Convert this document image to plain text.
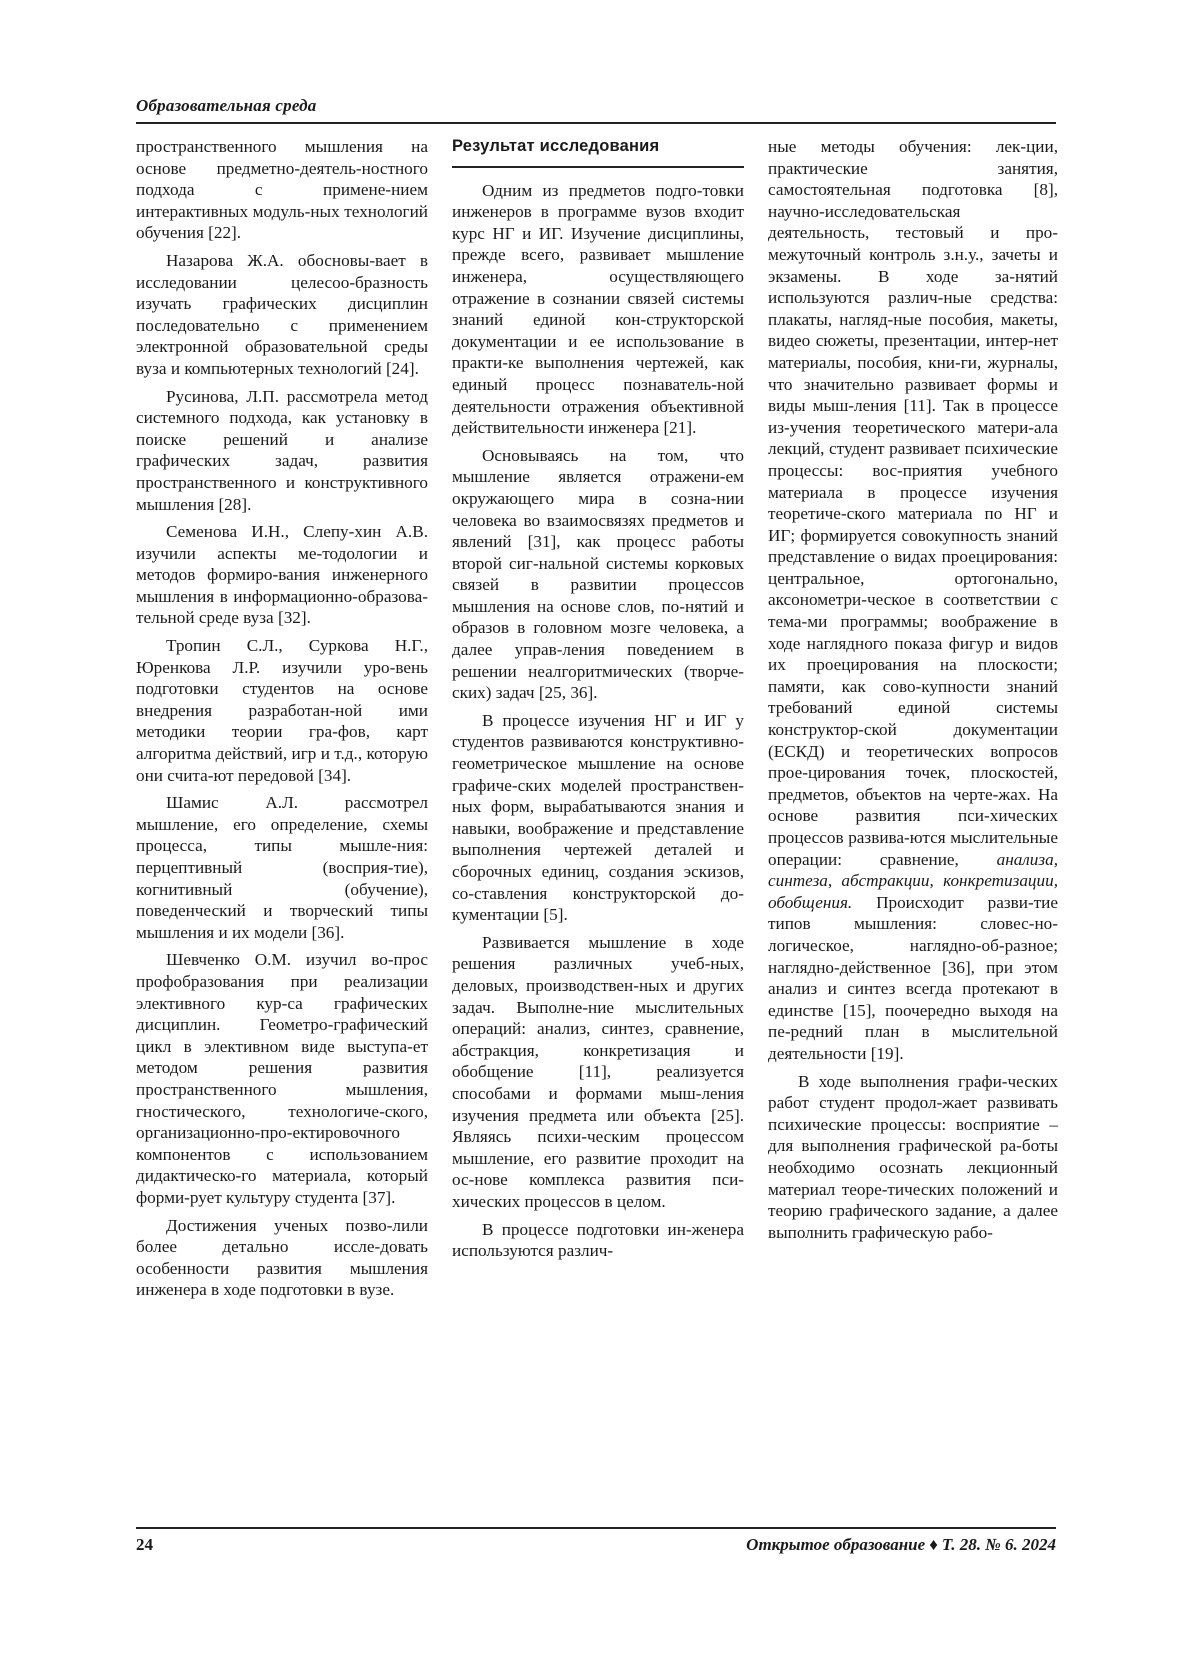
Образовательная среда

пространственного мышления на основе предметно-деятель-ностного подхода с примене-нием интерактивных модуль-ных технологий обучения [22].

Назарова Ж.А. обосновы-вает в исследовании целесоо-бразность изучать графических дисциплин последовательно с применением электронной образовательной среды вуза и компьютерных технологий [24].

Русинова, Л.П. рассмотрела метод системного подхода, как установку в поиске решений и анализе графических задач, развития пространственного и конструктивного мышления [28].

Семенова И.Н., Слепу-хин А.В. изучили аспекты ме-тодологии и методов формиро-вания инженерного мышления в информационно-образова-тельной среде вуза [32].

Тропин С.Л., Суркова Н.Г., Юренкова Л.Р. изучили уро-вень подготовки студентов на основе внедрения разработан-ной ими методики теории гра-фов, карт алгоритма действий, игр и т.д., которую они счита-ют передовой [34].

Шамис А.Л. рассмотрел мышление, его определение, схемы процесса, типы мышле-ния: перцептивный (восприя-тие), когнитивный (обучение), поведенческий и творческий типы мышления и их модели [36].

Шевченко О.М. изучил во-прос профобразования при реализации элективного кур-са графических дисциплин. Геометро-графический цикл в элективном виде выступа-ет методом решения развития пространственного мышления, гностического, технологиче-ского, организационно-про-ектировочного компонентов с использованием дидактическо-го материала, который форми-рует культуру студента [37].

Достижения ученых позво-лили более детально иссле-довать особенности развития мышления инженера в ходе подготовки в вузе.

Результат исследования

Одним из предметов подго-товки инженеров в программе вузов входит курс НГ и ИГ. Изучение дисциплины, прежде всего, развивает мышление инженера, осуществляющего отражение в сознании связей системы знаний единой кон-структорской документации и ее использование в практи-ке выполнения чертежей, как единый процесс познаватель-ной деятельности отражения объективной действительности инженера [21].

Основываясь на том, что мышление является отражени-ем окружающего мира в созна-нии человека во взаимосвязях предметов и явлений [31], как процесс работы второй сиг-нальной системы корковых связей в развитии процессов мышления на основе слов, по-нятий и образов в головном мозге человека, а далее управ-ления поведением в решении неалгоритмических (творче-ских) задач [25, 36].

В процессе изучения НГ и ИГ у студентов развиваются конструктивно-геометрическое мышление на основе графиче-ских моделей пространствен-ных форм, вырабатываются знания и навыки, воображение и представление выполнения чертежей деталей и сборочных единиц, создания эскизов, со-ставления конструкторской до-кументации [5].

Развивается мышление в ходе решения различных учеб-ных, деловых, производствен-ных и других задач. Выполне-ние мыслительных операций: анализ, синтез, сравнение, абстракция, конкретизация и обобщение [11], реализуется способами и формами мыш-ления изучения предмета или объекта [25]. Являясь психи-ческим процессом мышление, его развитие проходит на ос-нове комплекса развития пси-хических процессов в целом.

В процессе подготовки ин-женера используются различ-

ные методы обучения: лек-ции, практические занятия, самостоятельная подготовка [8], научно-исследовательская деятельность, тестовый и про-межуточный контроль з.н.у., зачеты и экзамены. В ходе за-нятий используются различ-ные средства: плакаты, нагляд-ные пособия, макеты, видео сюжеты, презентации, интер-нет материалы, пособия, кни-ги, журналы, что значительно развивает формы и виды мыш-ления [11]. Так в процессе из-учения теоретического матери-ала лекций, студент развивает психические процессы: вос-приятия учебного материала в процессе изучения теоретиче-ского материала по НГ и ИГ; формируется совокупность знаний представление о видах проецирования: центральное, ортогонально, аксонометри-ческое в соответствии с тема-ми программы; воображение в ходе наглядного показа фигур и видов их проецирования на плоскости; памяти, как сово-купности знаний требований единой системы конструктор-ской документации (ЕСКД) и теоретических вопросов прое-цирования точек, плоскостей, предметов, объектов на черте-жах. На основе развития пси-хических процессов развива-ются мыслительные операции: сравнение, анализа, синтеза, абстракции, конкретизации, обобщения. Происходит разви-тие типов мышления: словес-но-логическое, наглядно-об-разное; наглядно-действенное [36], при этом анализ и синтез всегда протекают в единстве [15], поочередно выходя на пе-редний план в мыслительной деятельности [19].

В ходе выполнения графи-ческих работ студент продол-жает развивать психические процессы: восприятие – для выполнения графической ра-боты необходимо осознать лекционный материал теоре-тических положений и теорию графического задание, а далее выполнить графическую рабо-

24	Открытое образование ♦ Т. 28. № 6. 2024
